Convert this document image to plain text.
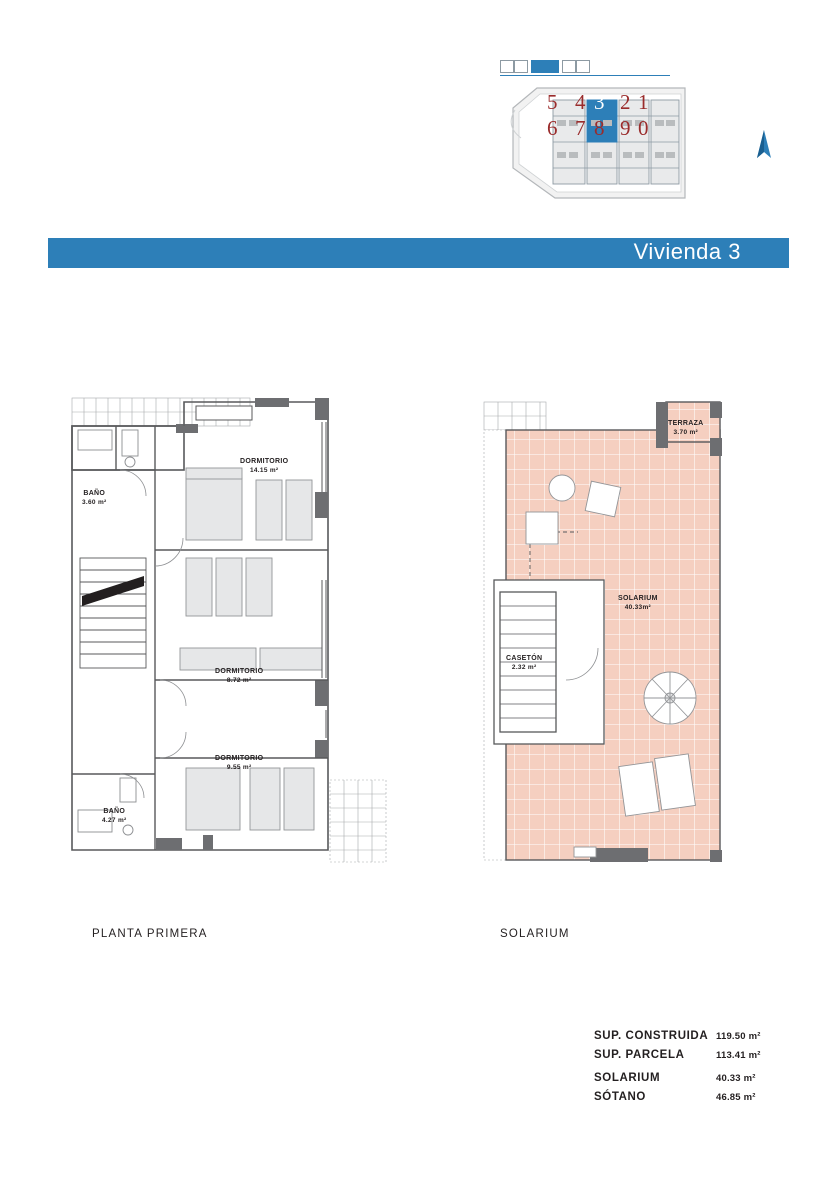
5
6
4 3
7 8
2 1
9 0
N
Vivienda 3
DORMITORIO
14.15 m²
BAÑO
3.60 m²
DORMITORIO
8.72 m²
DORMITORIO
9.55 m²
BAÑO
4.27 m²
TERRAZA
3.70 m²
SOLARIUM
40.33m²
CASETÓN
2.32 m²
PLANTA PRIMERA	SOLARIUM
SUP. CONSTRUIDA 119.50 m²
SUP. PARCELA	113.41 m²
SOLARIUM	40.33 m²
SÓTANO	46.85 m²
